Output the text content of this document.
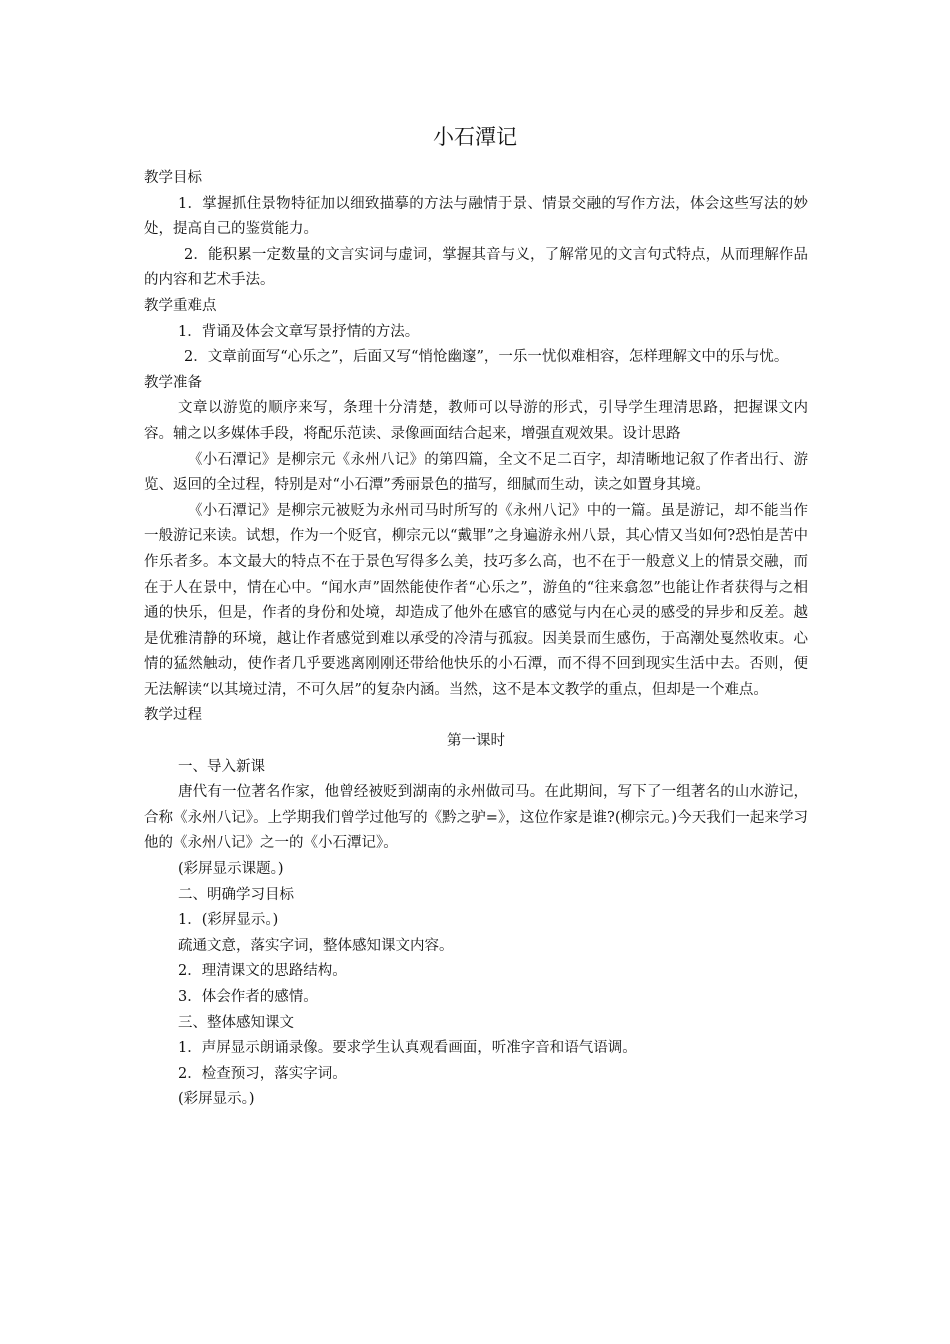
小石潭记

教学目标

1．掌握抓住景物特征加以细致描摹的方法与融情于景、情景交融的写作方法，体会这些写法的妙处，提高自己的鉴赏能力。

2．能积累一定数量的文言实词与虚词，掌握其音与义，了解常见的文言句式特点，从而理解作品的内容和艺术手法。

教学重难点

1．背诵及体会文章写景抒情的方法。

2．文章前面写“心乐之”，后面又写“悄怆幽邃”，一乐一忧似难相容，怎样理解文中的乐与忧。

教学准备

文章以游览的顺序来写，条理十分清楚，教师可以导游的形式，引导学生理清思路，把握课文内容。辅之以多媒体手段，将配乐范读、录像画面结合起来，增强直观效果。设计思路

《小石潭记》是柳宗元《永州八记》的第四篇，全文不足二百字，却清晰地记叙了作者出行、游览、返回的全过程，特别是对“小石潭”秀丽景色的描写，细腻而生动，读之如置身其境。

《小石潭记》是柳宗元被贬为永州司马时所写的《永州八记》中的一篇。虽是游记，却不能当作一般游记来读。试想，作为一个贬官，柳宗元以“戴罪”之身遍游永州八景，其心情又当如何?恐怕是苦中作乐者多。本文最大的特点不在于景色写得多么美，技巧多么高，也不在于一般意义上的情景交融，而在于人在景中，情在心中。“闻水声”固然能使作者“心乐之”，游鱼的“往来翕忽”也能让作者获得与之相通的快乐，但是，作者的身份和处境，却造成了他外在感官的感觉与内在心灵的感受的异步和反差。越是优雅清静的环境，越让作者感觉到难以承受的冷清与孤寂。因美景而生感伤，于高潮处戛然收束。心情的猛然触动，使作者几乎要逃离刚刚还带给他快乐的小石潭，而不得不回到现实生活中去。否则，便无法解读“以其境过清，不可久居”的复杂内涵。当然，这不是本文教学的重点，但却是一个难点。

教学过程

第一课时

一、导入新课

唐代有一位著名作家，他曾经被贬到湖南的永州做司马。在此期间，写下了一组著名的山水游记，合称《永州八记》。上学期我们曾学过他写的《黔之驴=》，这位作家是谁?(柳宗元。)今天我们一起来学习他的《永州八记》之一的《小石潭记》。

(彩屏显示课题。)

二、明确学习目标

1．(彩屏显示。)

疏通文意，落实字词，整体感知课文内容。

2．理清课文的思路结构。

3．体会作者的感情。

三、整体感知课文

1．声屏显示朗诵录像。要求学生认真观看画面，听准字音和语气语调。

2．检查预习，落实字词。

(彩屏显示。)
